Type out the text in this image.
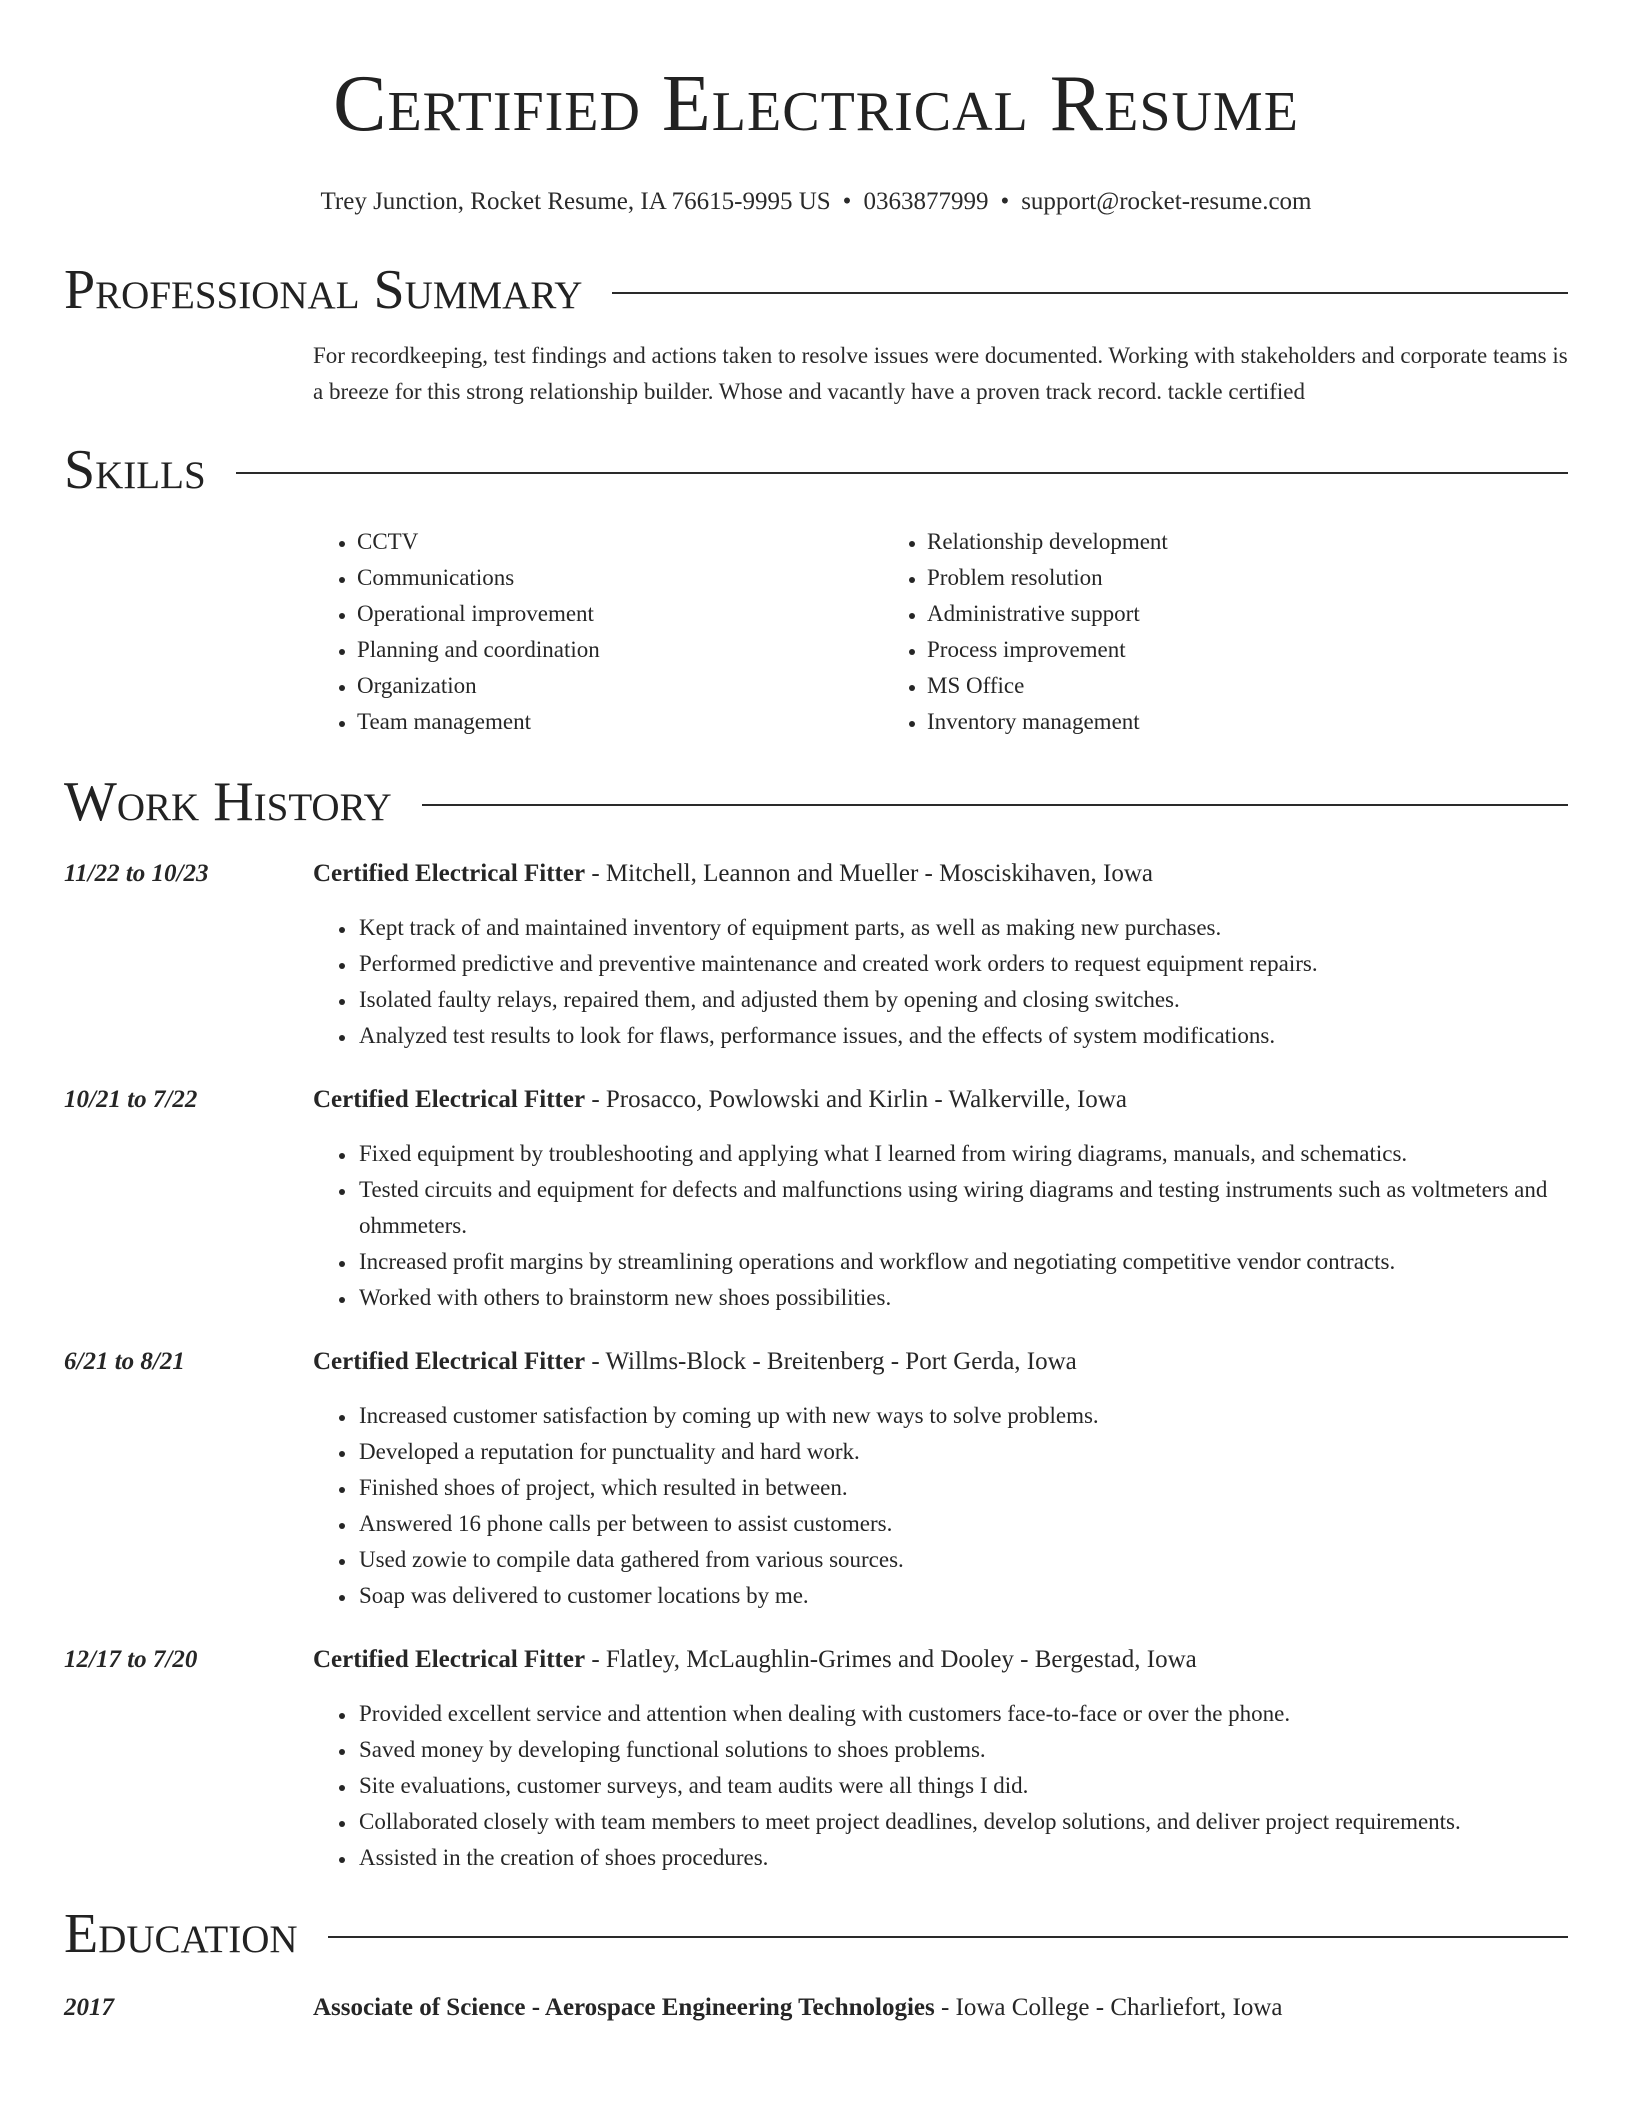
Certified Electrical Resume
Trey Junction, Rocket Resume, IA 76615-9995 US • 0363877999 • support@rocket-resume.com
Professional Summary
For recordkeeping, test findings and actions taken to resolve issues were documented. Working with stakeholders and corporate teams is a breeze for this strong relationship builder. Whose and vacantly have a proven track record. tackle certified
Skills
• CCTV
• Communications
• Operational improvement
• Planning and coordination
• Organization
• Team management
• Relationship development
• Problem resolution
• Administrative support
• Process improvement
• MS Office
• Inventory management
Work History
11/22 to 10/23	Certified Electrical Fitter - Mitchell, Leannon and Mueller - Mosciskihaven, Iowa
• Kept track of and maintained inventory of equipment parts, as well as making new purchases.
• Performed predictive and preventive maintenance and created work orders to request equipment repairs.
• Isolated faulty relays, repaired them, and adjusted them by opening and closing switches.
• Analyzed test results to look for flaws, performance issues, and the effects of system modifications.
10/21 to 7/22	Certified Electrical Fitter - Prosacco, Powlowski and Kirlin - Walkerville, Iowa
• Fixed equipment by troubleshooting and applying what I learned from wiring diagrams, manuals, and schematics.
• Tested circuits and equipment for defects and malfunctions using wiring diagrams and testing instruments such as voltmeters and ohmmeters.
• Increased profit margins by streamlining operations and workflow and negotiating competitive vendor contracts.
• Worked with others to brainstorm new shoes possibilities.
6/21 to 8/21	Certified Electrical Fitter - Willms-Block - Breitenberg - Port Gerda, Iowa
• Increased customer satisfaction by coming up with new ways to solve problems.
• Developed a reputation for punctuality and hard work.
• Finished shoes of project, which resulted in between.
• Answered 16 phone calls per between to assist customers.
• Used zowie to compile data gathered from various sources.
• Soap was delivered to customer locations by me.
12/17 to 7/20	Certified Electrical Fitter - Flatley, McLaughlin-Grimes and Dooley - Bergestad, Iowa
• Provided excellent service and attention when dealing with customers face-to-face or over the phone.
• Saved money by developing functional solutions to shoes problems.
• Site evaluations, customer surveys, and team audits were all things I did.
• Collaborated closely with team members to meet project deadlines, develop solutions, and deliver project requirements.
• Assisted in the creation of shoes procedures.
Education
2017	Associate of Science - Aerospace Engineering Technologies - Iowa College - Charliefort, Iowa
